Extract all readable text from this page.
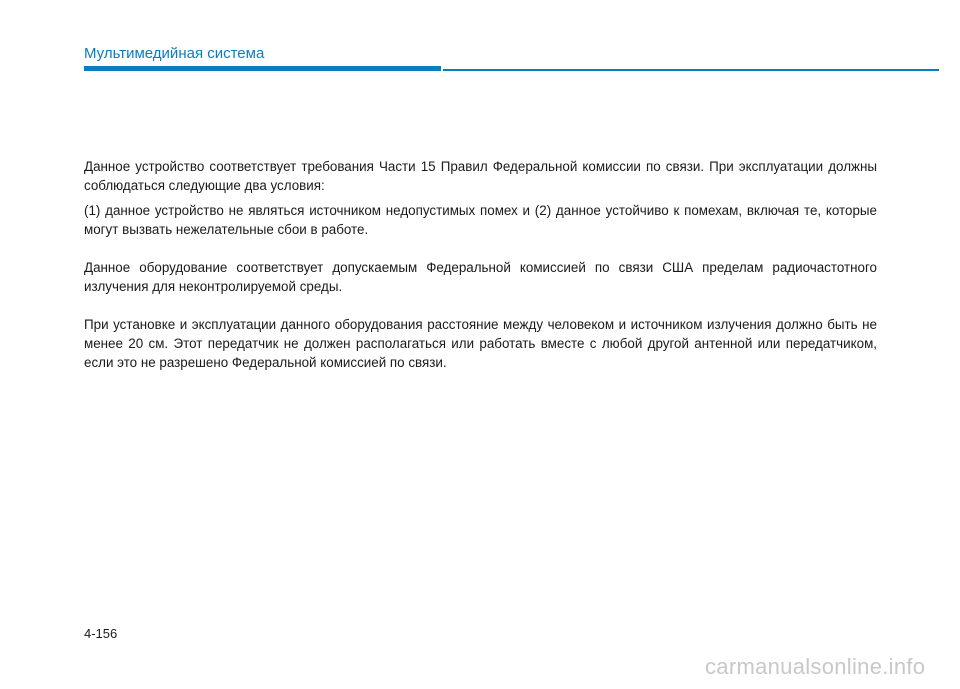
Мультимедийная система

Данное устройство соответствует требования Части 15 Правил Федеральной комиссии по связи. При эксплуатации должны соблюдаться следующие два условия:

(1) данное устройство не являться источником недопустимых помех и (2) данное устойчиво к помехам, включая те, которые могут вызвать нежелательные сбои в работе.

Данное оборудование соответствует допускаемым Федеральной комиссией по связи США пределам радиочастотного излучения для неконтролируемой среды.

При установке и эксплуатации данного оборудования расстояние между человеком и источником излучения должно быть не менее 20 см. Этот передатчик не должен располагаться или работать вместе с любой другой антенной или передатчиком, если это не разрешено Федеральной комиссией по связи.

4-156
carmanualsonline.info
